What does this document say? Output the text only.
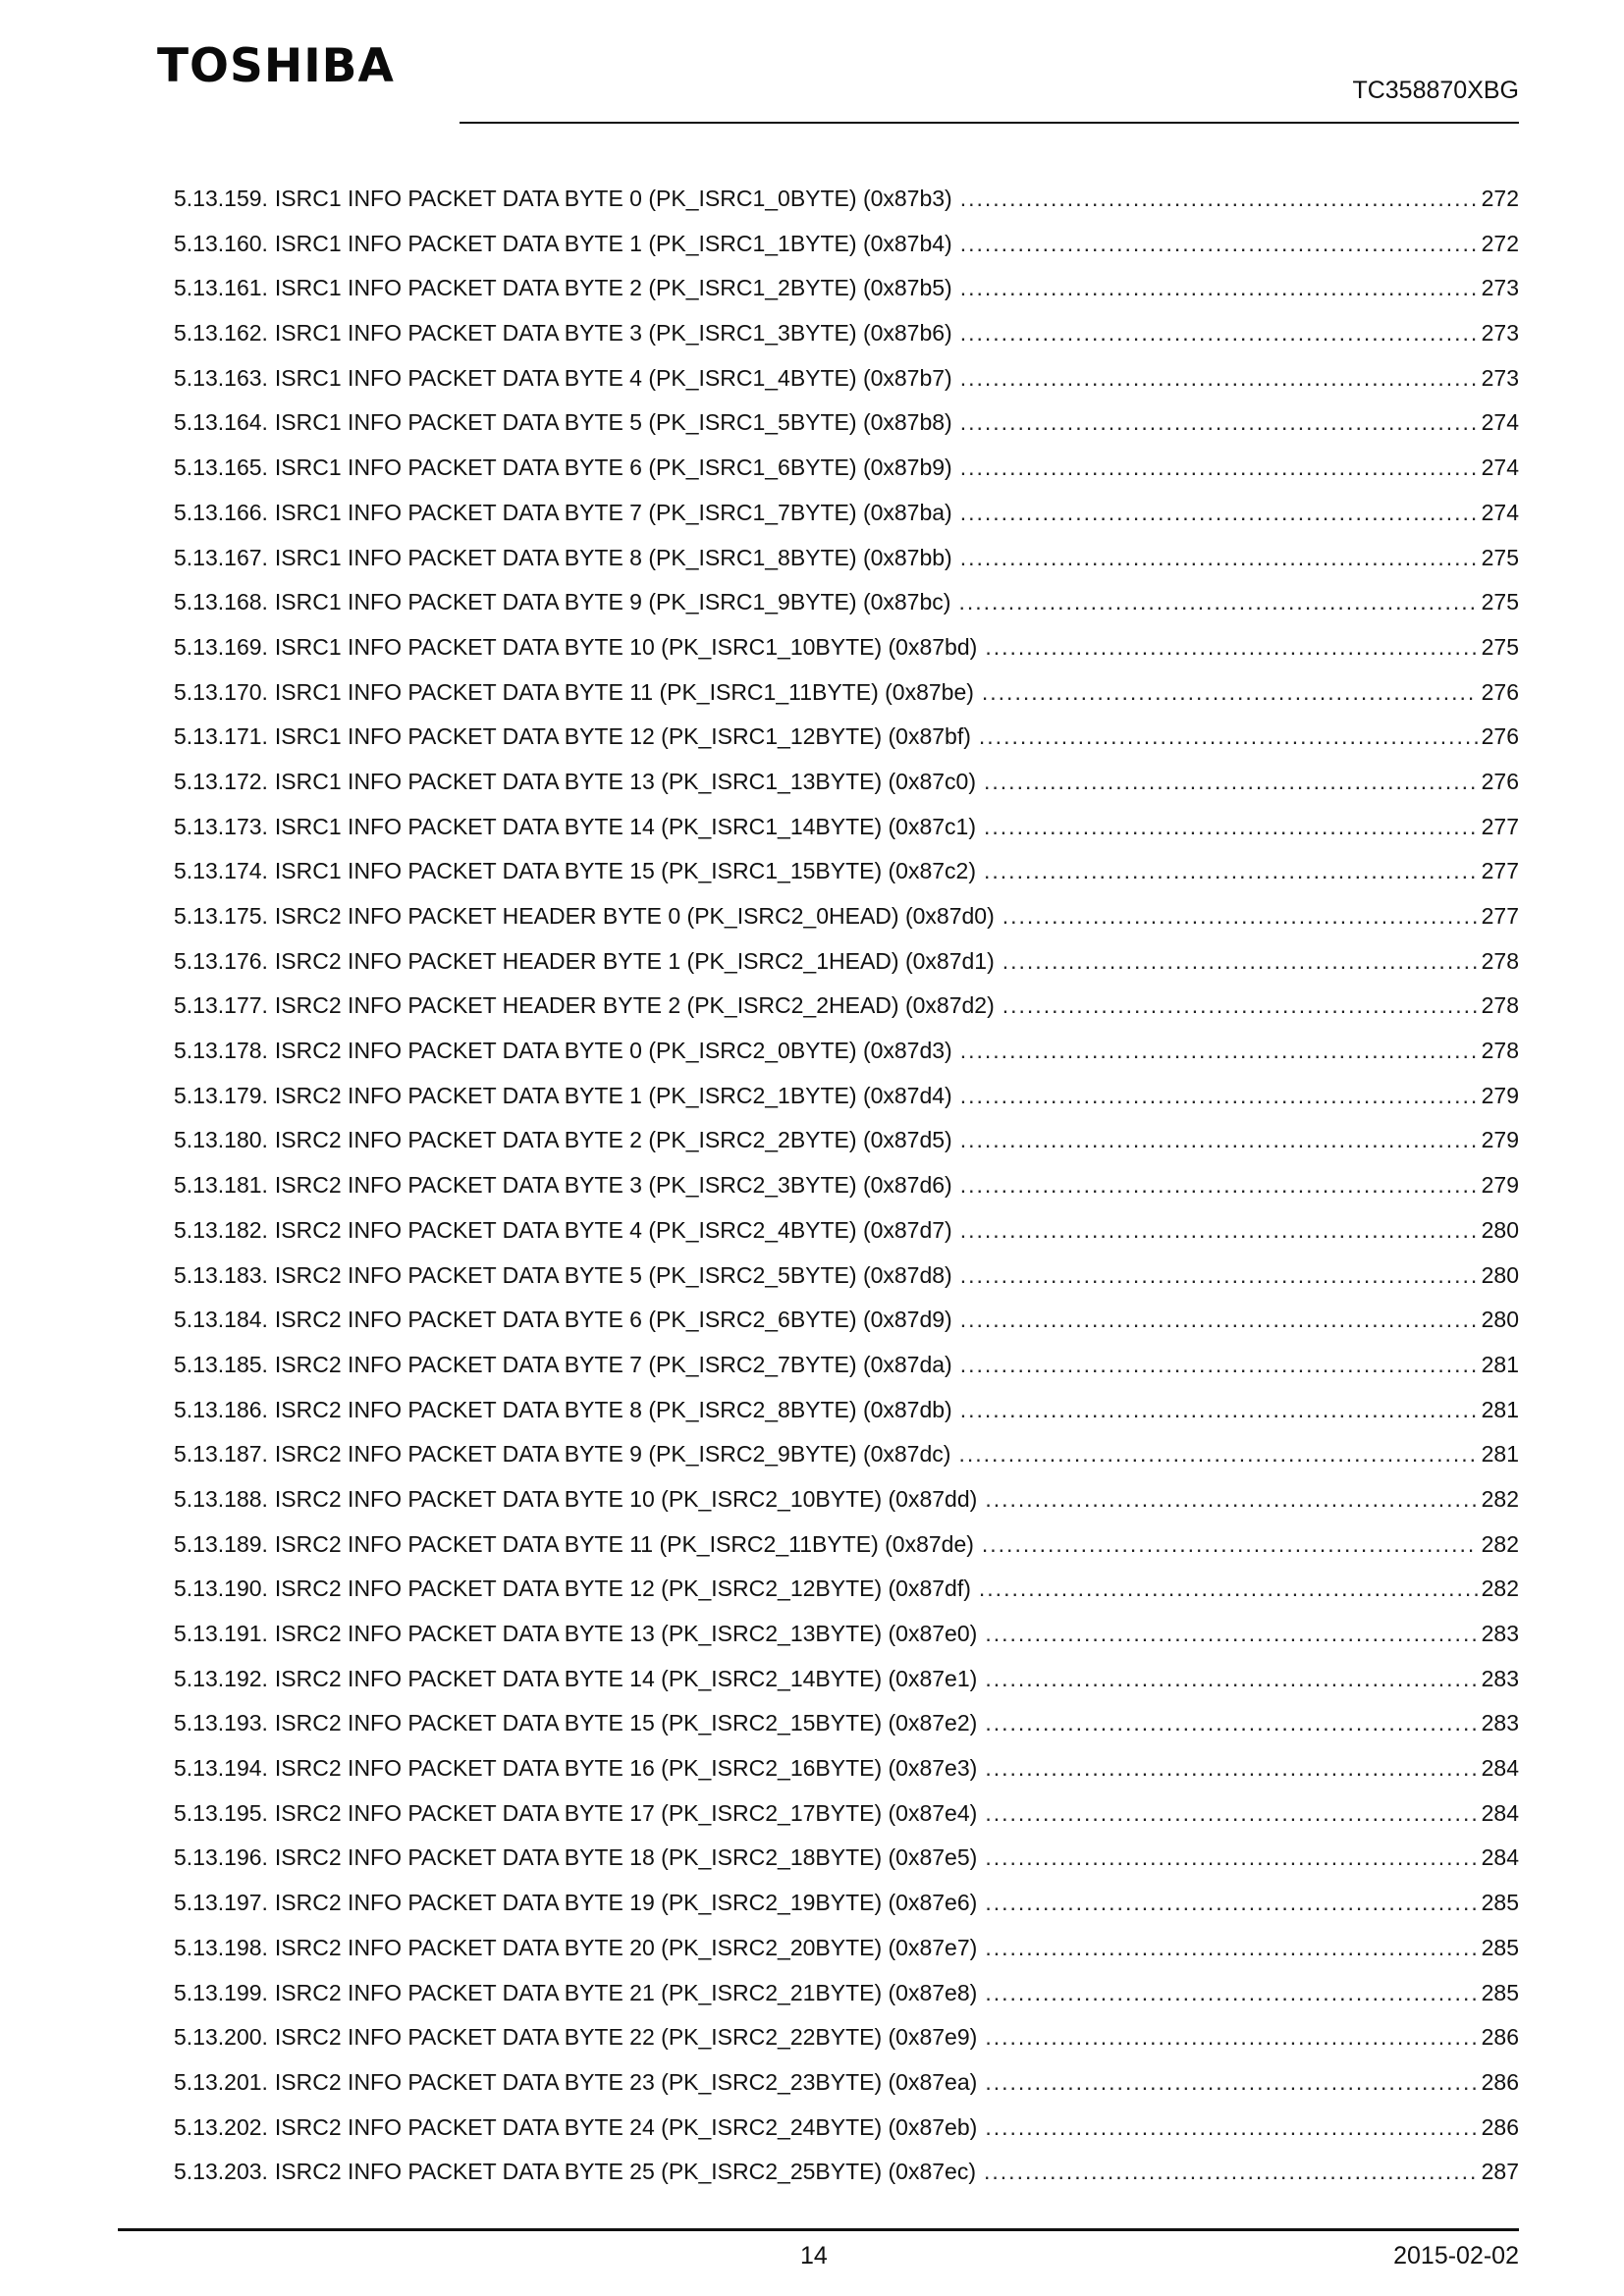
TOSHIBA	TC358870XBG
5.13.159. ISRC1 INFO PACKET DATA BYTE 0 (PK_ISRC1_0BYTE) (0x87b3) .....	272
5.13.160. ISRC1 INFO PACKET DATA BYTE 1 (PK_ISRC1_1BYTE) (0x87b4) .....	272
5.13.161. ISRC1 INFO PACKET DATA BYTE 2 (PK_ISRC1_2BYTE) (0x87b5) .....	273
5.13.162. ISRC1 INFO PACKET DATA BYTE 3 (PK_ISRC1_3BYTE) (0x87b6) .....	273
5.13.163. ISRC1 INFO PACKET DATA BYTE 4 (PK_ISRC1_4BYTE) (0x87b7) .....	273
5.13.164. ISRC1 INFO PACKET DATA BYTE 5 (PK_ISRC1_5BYTE) (0x87b8) .....	274
5.13.165. ISRC1 INFO PACKET DATA BYTE 6 (PK_ISRC1_6BYTE) (0x87b9) .....	274
5.13.166. ISRC1 INFO PACKET DATA BYTE 7 (PK_ISRC1_7BYTE) (0x87ba) .....	274
5.13.167. ISRC1 INFO PACKET DATA BYTE 8 (PK_ISRC1_8BYTE) (0x87bb) .....	275
5.13.168. ISRC1 INFO PACKET DATA BYTE 9 (PK_ISRC1_9BYTE) (0x87bc) .....	275
5.13.169. ISRC1 INFO PACKET DATA BYTE 10 (PK_ISRC1_10BYTE) (0x87bd) .....	275
5.13.170. ISRC1 INFO PACKET DATA BYTE 11 (PK_ISRC1_11BYTE) (0x87be) .....	276
5.13.171. ISRC1 INFO PACKET DATA BYTE 12 (PK_ISRC1_12BYTE) (0x87bf) .....	276
5.13.172. ISRC1 INFO PACKET DATA BYTE 13 (PK_ISRC1_13BYTE) (0x87c0) .....	276
5.13.173. ISRC1 INFO PACKET DATA BYTE 14 (PK_ISRC1_14BYTE) (0x87c1) .....	277
5.13.174. ISRC1 INFO PACKET DATA BYTE 15 (PK_ISRC1_15BYTE) (0x87c2) .....	277
5.13.175. ISRC2 INFO PACKET HEADER BYTE 0 (PK_ISRC2_0HEAD) (0x87d0) .....	277
5.13.176. ISRC2 INFO PACKET HEADER BYTE 1 (PK_ISRC2_1HEAD) (0x87d1) .....	278
5.13.177. ISRC2 INFO PACKET HEADER BYTE 2 (PK_ISRC2_2HEAD) (0x87d2) .....	278
5.13.178. ISRC2 INFO PACKET DATA BYTE 0 (PK_ISRC2_0BYTE) (0x87d3) .....	278
5.13.179. ISRC2 INFO PACKET DATA BYTE 1 (PK_ISRC2_1BYTE) (0x87d4) .....	279
5.13.180. ISRC2 INFO PACKET DATA BYTE 2 (PK_ISRC2_2BYTE) (0x87d5) .....	279
5.13.181. ISRC2 INFO PACKET DATA BYTE 3 (PK_ISRC2_3BYTE) (0x87d6) .....	279
5.13.182. ISRC2 INFO PACKET DATA BYTE 4 (PK_ISRC2_4BYTE) (0x87d7) .....	280
5.13.183. ISRC2 INFO PACKET DATA BYTE 5 (PK_ISRC2_5BYTE) (0x87d8) .....	280
5.13.184. ISRC2 INFO PACKET DATA BYTE 6 (PK_ISRC2_6BYTE) (0x87d9) .....	280
5.13.185. ISRC2 INFO PACKET DATA BYTE 7 (PK_ISRC2_7BYTE) (0x87da) .....	281
5.13.186. ISRC2 INFO PACKET DATA BYTE 8 (PK_ISRC2_8BYTE) (0x87db) .....	281
5.13.187. ISRC2 INFO PACKET DATA BYTE 9 (PK_ISRC2_9BYTE) (0x87dc) .....	281
5.13.188. ISRC2 INFO PACKET DATA BYTE 10 (PK_ISRC2_10BYTE) (0x87dd) .....	282
5.13.189. ISRC2 INFO PACKET DATA BYTE 11 (PK_ISRC2_11BYTE) (0x87de) .....	282
5.13.190. ISRC2 INFO PACKET DATA BYTE 12 (PK_ISRC2_12BYTE) (0x87df) .....	282
5.13.191. ISRC2 INFO PACKET DATA BYTE 13 (PK_ISRC2_13BYTE) (0x87e0) .....	283
5.13.192. ISRC2 INFO PACKET DATA BYTE 14 (PK_ISRC2_14BYTE) (0x87e1) .....	283
5.13.193. ISRC2 INFO PACKET DATA BYTE 15 (PK_ISRC2_15BYTE) (0x87e2) .....	283
5.13.194. ISRC2 INFO PACKET DATA BYTE 16 (PK_ISRC2_16BYTE) (0x87e3) .....	284
5.13.195. ISRC2 INFO PACKET DATA BYTE 17 (PK_ISRC2_17BYTE) (0x87e4) .....	284
5.13.196. ISRC2 INFO PACKET DATA BYTE 18 (PK_ISRC2_18BYTE) (0x87e5) .....	284
5.13.197. ISRC2 INFO PACKET DATA BYTE 19 (PK_ISRC2_19BYTE) (0x87e6) .....	285
5.13.198. ISRC2 INFO PACKET DATA BYTE 20 (PK_ISRC2_20BYTE) (0x87e7) .....	285
5.13.199. ISRC2 INFO PACKET DATA BYTE 21 (PK_ISRC2_21BYTE) (0x87e8) .....	285
5.13.200. ISRC2 INFO PACKET DATA BYTE 22 (PK_ISRC2_22BYTE) (0x87e9) .....	286
5.13.201. ISRC2 INFO PACKET DATA BYTE 23 (PK_ISRC2_23BYTE) (0x87ea) .....	286
5.13.202. ISRC2 INFO PACKET DATA BYTE 24 (PK_ISRC2_24BYTE) (0x87eb) .....	286
5.13.203. ISRC2 INFO PACKET DATA BYTE 25 (PK_ISRC2_25BYTE) (0x87ec) .....	287
14	2015-02-02
